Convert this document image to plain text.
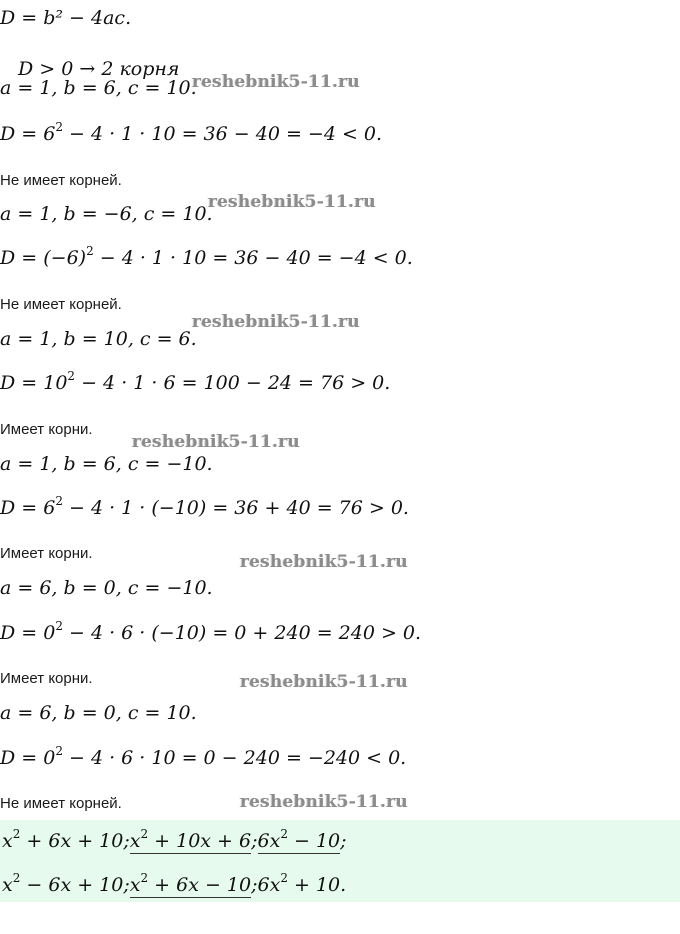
D = b² − 4ac.
D > 0 → 2 корня
a = 1, b = 6, c = 10.
reshebnik5-11.ru
$D = 6^2 - 4 \cdot 1 \cdot 10 = 36 - 40 = -4 < 0$.
Не имеет корней.
a = 1, b = −6, c = 10.
reshebnik5-11.ru
$D = (-6)^2 - 4 \cdot 1 \cdot 10 = 36 - 40 = -4 < 0$.
Не имеет корней.
a = 1, b = 10, c = 6.
reshebnik5-11.ru
$D = 10^2 - 4 \cdot 1 \cdot 6 = 100 - 24 = 76 > 0$.
Имеет корни.
reshebnik5-11.ru
a = 1, b = 6, c = −10.
$D = 6^2 - 4 \cdot 1 \cdot (-10) = 36 + 40 = 76 > 0$.
Имеет корни.	reshebnik5-11.ru
a = 6, b = 0, c = −10.
$D = 0^2 - 4 \cdot 6 \cdot (-10) = 0 + 240 = 240 > 0$.
Имеет корни.	reshebnik5-11.ru
a = 6, b = 0, c = 10.
$D = 0^2 - 4 \cdot 6 \cdot 10 = 0 - 240 = -240 < 0$.
Не имеет корней.	reshebnik5-11.ru
$x^2 + 6x$ + $10;x^2 + 10x$ + $6;6x^2 - 10$;
$x^2 - 6x$ + $10;x^2 + 6x$ − $10;6x^2 + 10$.
